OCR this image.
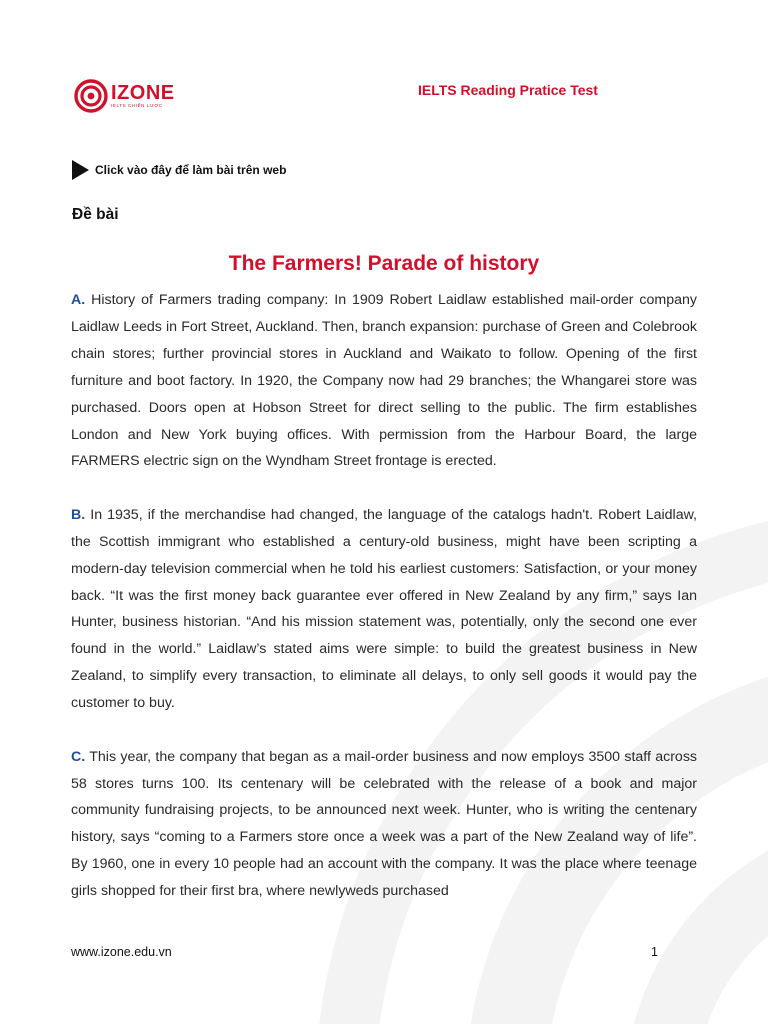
IZONE
IELTS CHIẾN LƯỢC
IELTS Reading Pratice Test
Click vào đây để làm bài trên web
Đề bài
The Farmers! Parade of history

A. History of Farmers trading company: In 1909 Robert Laidlaw established mail-order company Laidlaw Leeds in Fort Street, Auckland. Then, branch expansion: purchase of Green and Colebrook chain stores; further provincial stores in Auckland and Waikato to follow. Opening of the first furniture and boot factory. In 1920, the Company now had 29 branches; the Whangarei store was purchased. Doors open at Hobson Street for direct selling to the public. The firm establishes London and New York buying offices. With permission from the Harbour Board, the large FARMERS electric sign on the Wyndham Street frontage is erected.

B. In 1935, if the merchandise had changed, the language of the catalogs hadn't. Robert Laidlaw, the Scottish immigrant who established a century-old business, might have been scripting a modern-day television commercial when he told his earliest customers: Satisfaction, or your money back. “It was the first money back guarantee ever offered in New Zealand by any firm,” says Ian Hunter, business historian. “And his mission statement was, potentially, only the second one ever found in the world.” Laidlaw’s stated aims were simple: to build the greatest business in New Zealand, to simplify every transaction, to eliminate all delays, to only sell goods it would pay the customer to buy.

C. This year, the company that began as a mail-order business and now employs 3500 staff across 58 stores turns 100. Its centenary will be celebrated with the release of a book and major community fundraising projects, to be announced next week. Hunter, who is writing the centenary history, says “coming to a Farmers store once a week was a part of the New Zealand way of life”. By 1960, one in every 10 people had an account with the company. It was the place where teenage girls shopped for their first bra, where newlyweds purchased

www.izone.edu.vn	1
